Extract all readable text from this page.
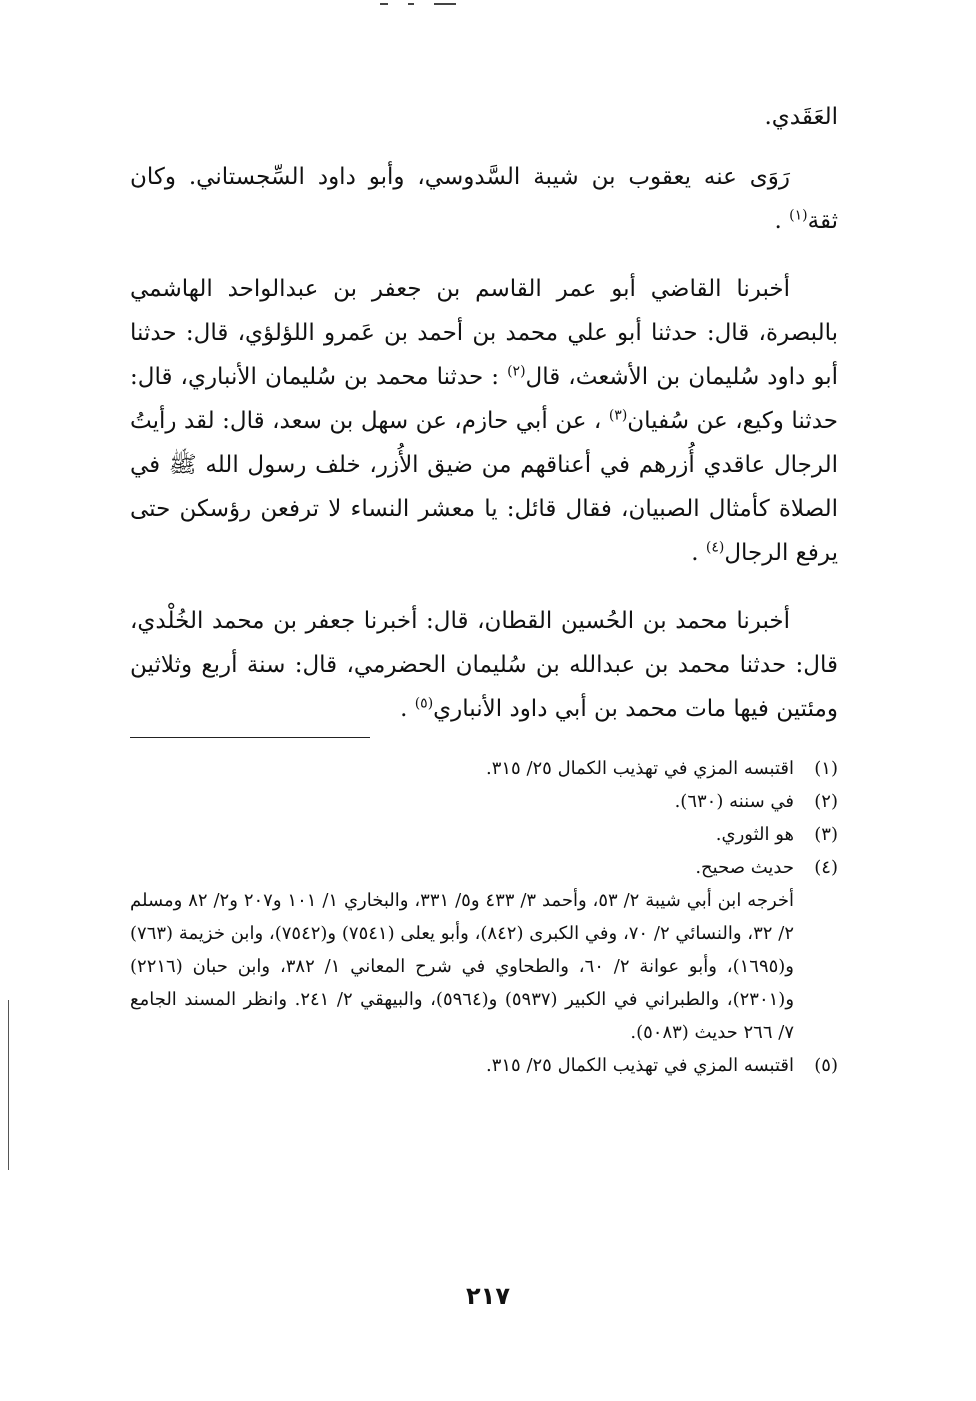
العَقَدي.

رَوَى عنه يعقوب بن شيبة السَّدوسي، وأبو داود السِّجستاني. وكان ثقة$^{(١)}$ .

أخبرنا القاضي أبو عمر القاسم بن جعفر بن عبدالواحد الهاشمي بالبصرة، قال: حدثنا أبو علي محمد بن أحمد بن عَمرو اللؤلؤي، قال: حدثنا أبو داود سُليمان بن الأشعث، قال$^{(٢)}$ : حدثنا محمد بن سُليمان الأنباري، قال: حدثنا وكيع، عن سُفيان$^{(٣)}$ ، عن أبي حازم، عن سهل بن سعد، قال: لقد رأيتُ الرجال عاقدي أُزرهم في أعناقهم من ضيق الأُزر، خلف رسول الله ﷺ في الصلاة كأمثال الصبيان، فقال قائل: يا معشر النساء لا ترفعن رؤسكن حتى يرفع الرجال$^{(٤)}$ .

أخبرنا محمد بن الحُسين القطان، قال: أخبرنا جعفر بن محمد الخُلْدي، قال: حدثنا محمد بن عبدالله بن سُليمان الحضرمي، قال: سنة أربع وثلاثين ومئتين فيها مات محمد بن أبي داود الأنباري$^{(٥)}$ .

(١)
اقتبسه المزي في تهذيب الكمال ٢٥/ ٣١٥.
(٢)
في سننه (٦٣٠).
(٣)
هو الثوري.
(٤)
حديث صحيح.
أخرجه ابن أبي شيبة ٢/ ٥٣، وأحمد ٣/ ٤٣٣ و٥/ ٣٣١، والبخاري ١/ ١٠١ و٢٠٧ و٢/ ٨٢ ومسلم ٢/ ٣٢، والنسائي ٢/ ٧٠، وفي الكبرى (٨٤٢)، وأبو يعلى (٧٥٤١) و(٧٥٤٢)، وابن خزيمة (٧٦٣) و(١٦٩٥)، وأبو عوانة ٢/ ٦٠، والطحاوي في شرح المعاني ١/ ٣٨٢، وابن حبان (٢٢١٦) و(٢٣٠١)، والطبراني في الكبير (٥٩٣٧) و(٥٩٦٤)، والبيهقي ٢/ ٢٤١. وانظر المسند الجامع ٧/ ٢٦٦ حديث (٥٠٨٣).
(٥)
اقتبسه المزي في تهذيب الكمال ٢٥/ ٣١٥.
٢١٧
